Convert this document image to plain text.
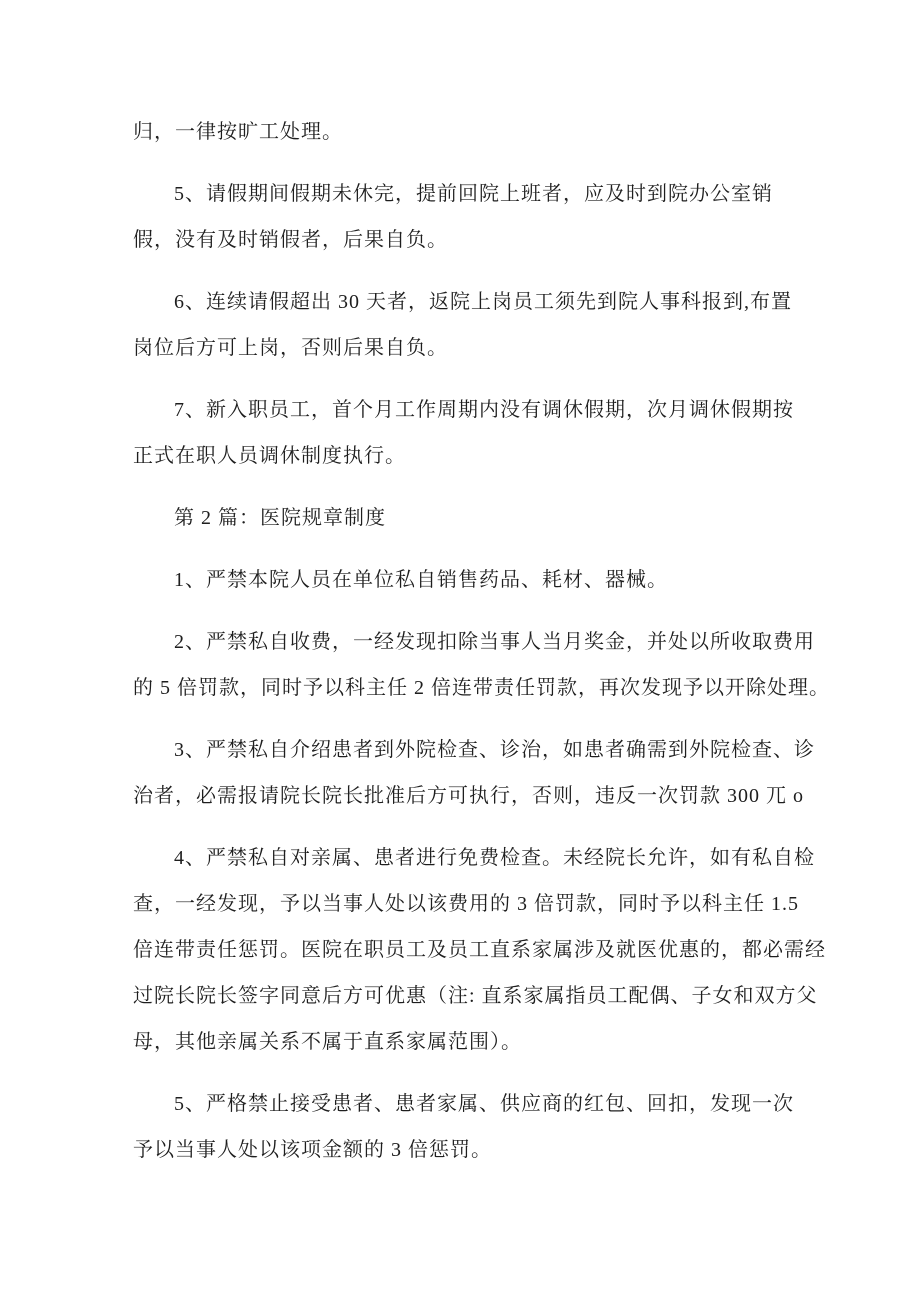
归，一律按旷工处理。

5、请假期间假期未休完，提前回院上班者，应及时到院办公室销
假，没有及时销假者，后果自负。

6、连续请假超出 30 天者，返院上岗员工须先到院人事科报到,布置
岗位后方可上岗，否则后果自负。

7、新入职员工，首个月工作周期内没有调休假期，次月调休假期按
正式在职人员调休制度执行。

第 2 篇：医院规章制度

1、严禁本院人员在单位私自销售药品、耗材、器械。

2、严禁私自收费，一经发现扣除当事人当月奖金，并处以所收取费用
的 5 倍罚款，同时予以科主任 2 倍连带责任罚款，再次发现予以开除处理。

3、严禁私自介绍患者到外院检查、诊治，如患者确需到外院检查、诊
治者，必需报请院长院长批准后方可执行，否则，违反一次罚款 300 兀 o

4、严禁私自对亲属、患者进行免费检查。未经院长允许，如有私自检
查，一经发现，予以当事人处以该费用的 3 倍罚款，同时予以科主任 1.5
倍连带责任惩罚。医院在职员工及员工直系家属涉及就医优惠的，都必需经
过院长院长签字同意后方可优惠（注: 直系家属指员工配偶、子女和双方父
母，其他亲属关系不属于直系家属范围）。

5、严格禁止接受患者、患者家属、供应商的红包、回扣，发现一次
予以当事人处以该项金额的 3 倍惩罚。
